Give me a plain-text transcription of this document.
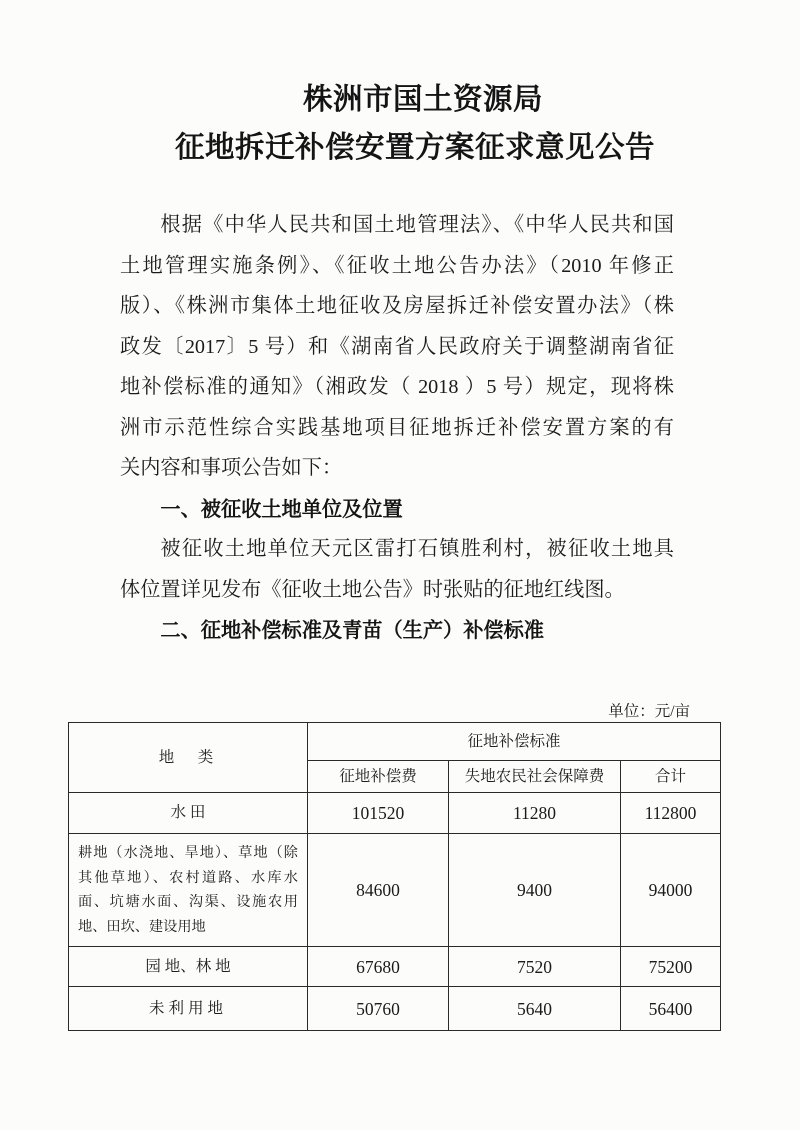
株洲市国土资源局
征地拆迁补偿安置方案征求意见公告
根据《中华人民共和国土地管理法》、《中华人民共和国
土地管理实施条例》、《征收土地公告办法》（2010 年修正
版）、《株洲市集体土地征收及房屋拆迁补偿安置办法》（株
政发〔2017〕5 号）和《湖南省人民政府关于调整湖南省征
地补偿标准的通知》（湘政发（ 2018 ）5 号）规定，现将株
洲市示范性综合实践基地项目征地拆迁补偿安置方案的有
关内容和事项公告如下：
一、被征收土地单位及位置
被征收土地单位天元区雷打石镇胜利村，被征收土地具
体位置详见发布《征收土地公告》时张贴的征地红线图。
二、征地补偿标准及青苗（生产）补偿标准
单位：元/亩
地　类	征地补偿标准		
	征地补偿费	失地农民社会保障费	合计
水 田	101520	11280	112800

耕地（水浇地、旱地）、草地（除
其他草地）、农村道路、水库水
面、坑塘水面、沟渠、设施农用
地、田坎、建设用地	84600	9400	94000
园 地、林 地	67680	7520	75200
未利用地	50760	5640	56400
